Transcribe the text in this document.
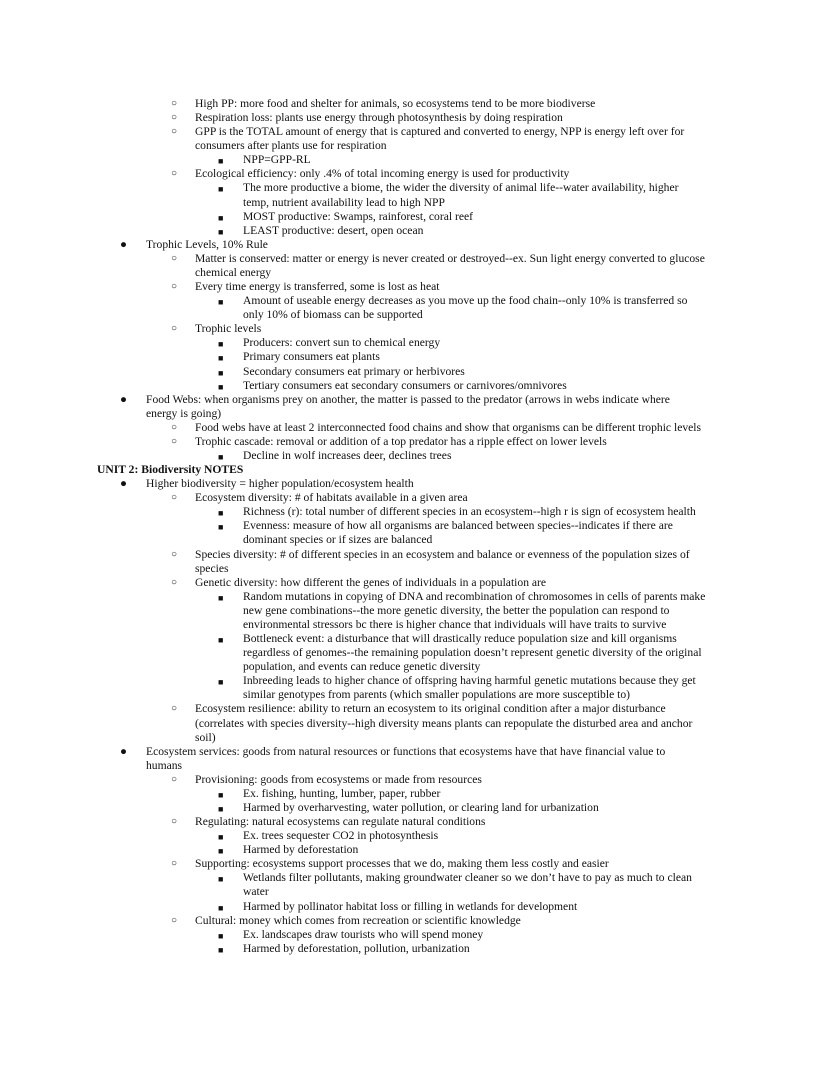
UNIT 2: Biodiversity NOTES
○ High PP: more food and shelter for animals, so ecosystems tend to be more biodiverse
○ Respiration loss: plants use energy through photosynthesis by doing respiration
○ GPP is the TOTAL amount of energy that is captured and converted to energy, NPP is energy left over for
consumers after plants use for respiration
■ NPP=GPP-RL
○ Ecological efficiency: only .4% of total incoming energy is used for productivity
■ The more productive a biome, the wider the diversity of animal life--water availability, higher
temp, nutrient availability lead to high NPP
■ MOST productive: Swamps, rainforest, coral reef
■ LEAST productive: desert, open ocean
● Trophic Levels, 10% Rule
○ Matter is conserved: matter or energy is never created or destroyed--ex. Sun light energy converted to glucose
chemical energy
○ Every time energy is transferred, some is lost as heat
■ Amount of useable energy decreases as you move up the food chain--only 10% is transferred so
only 10% of biomass can be supported
○ Trophic levels
■ Producers: convert sun to chemical energy
■ Primary consumers eat plants
■ Secondary consumers eat primary or herbivores
■ Tertiary consumers eat secondary consumers or carnivores/omnivores
● Food Webs: when organisms prey on another, the matter is passed to the predator (arrows in webs indicate where
energy is going)
○ Food webs have at least 2 interconnected food chains and show that organisms can be different trophic levels
○ Trophic cascade: removal or addition of a top predator has a ripple effect on lower levels
■ Decline in wolf increases deer, declines trees
● Higher biodiversity = higher population/ecosystem health
○ Ecosystem diversity: # of habitats available in a given area
■ Richness (r): total number of different species in an ecosystem--high r is sign of ecosystem health
■ Evenness: measure of how all organisms are balanced between species--indicates if there are
dominant species or if sizes are balanced
○ Species diversity: # of different species in an ecosystem and balance or evenness of the population sizes of
species
○ Genetic diversity: how different the genes of individuals in a population are
■ Random mutations in copying of DNA and recombination of chromosomes in cells of parents make
new gene combinations--the more genetic diversity, the better the population can respond to
environmental stressors bc there is higher chance that individuals will have traits to survive
■ Bottleneck event: a disturbance that will drastically reduce population size and kill organisms
regardless of genomes--the remaining population doesn’t represent genetic diversity of the original
population, and events can reduce genetic diversity
■ Inbreeding leads to higher chance of offspring having harmful genetic mutations because they get
similar genotypes from parents (which smaller populations are more susceptible to)
○ Ecosystem resilience: ability to return an ecosystem to its original condition after a major disturbance
(correlates with species diversity--high diversity means plants can repopulate the disturbed area and anchor
soil)
● Ecosystem services: goods from natural resources or functions that ecosystems have that have financial value to
humans
○ Provisioning: goods from ecosystems or made from resources
■ Ex. fishing, hunting, lumber, paper, rubber
■ Harmed by overharvesting, water pollution, or clearing land for urbanization
○ Regulating: natural ecosystems can regulate natural conditions
■ Ex. trees sequester CO2 in photosynthesis
■ Harmed by deforestation
○ Supporting: ecosystems support processes that we do, making them less costly and easier
■ Wetlands filter pollutants, making groundwater cleaner so we don’t have to pay as much to clean
water
■ Harmed by pollinator habitat loss or filling in wetlands for development
○ Cultural: money which comes from recreation or scientific knowledge
■ Ex. landscapes draw tourists who will spend money
■ Harmed by deforestation, pollution, urbanization
